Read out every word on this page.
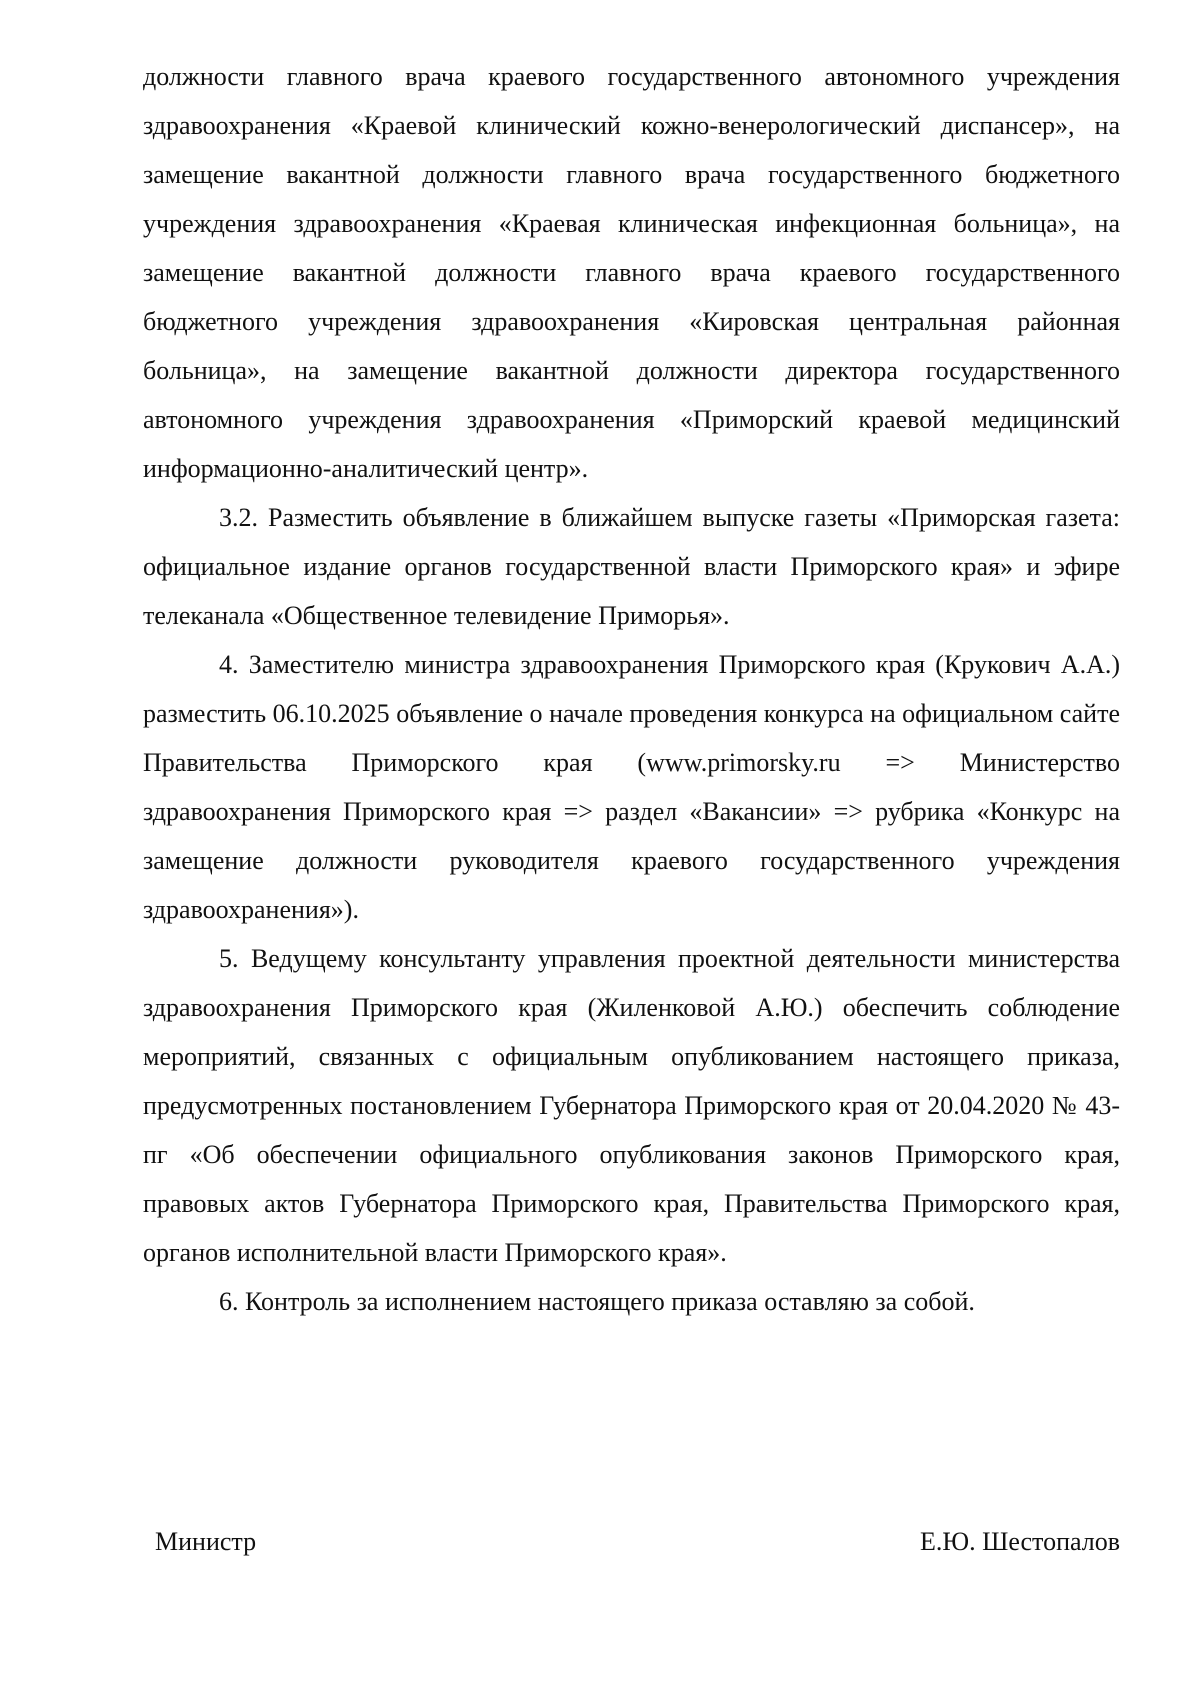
должности главного врача краевого государственного автономного учреждения здравоохранения «Краевой клинический кожно-венерологический диспансер», на замещение вакантной должности главного врача государственного бюджетного учреждения здравоохранения «Краевая клиническая инфекционная больница», на замещение вакантной должности главного врача краевого государственного бюджетного учреждения здравоохранения «Кировская центральная районная больница», на замещение вакантной должности директора государственного автономного учреждения здравоохранения «Приморский краевой медицинский информационно-аналитический центр».

3.2. Разместить объявление в ближайшем выпуске газеты «Приморская газета: официальное издание органов государственной власти Приморского края» и эфире телеканала «Общественное телевидение Приморья».

4. Заместителю министра здравоохранения Приморского края (Крукович А.А.) разместить 06.10.2025 объявление о начале проведения конкурса на официальном сайте Правительства Приморского края (www.primorsky.ru => Министерство здравоохранения Приморского края => раздел «Вакансии» => рубрика «Конкурс на замещение должности руководителя краевого государственного учреждения здравоохранения»).

5. Ведущему консультанту управления проектной деятельности министерства здравоохранения Приморского края (Жиленковой А.Ю.) обеспечить соблюдение мероприятий, связанных с официальным опубликованием настоящего приказа, предусмотренных постановлением Губернатора Приморского края от 20.04.2020 № 43-пг «Об обеспечении официального опубликования законов Приморского края, правовых актов Губернатора Приморского края, Правительства Приморского края, органов исполнительной власти Приморского края».

6. Контроль за исполнением настоящего приказа оставляю за собой.

Министр	Е.Ю. Шестопалов
